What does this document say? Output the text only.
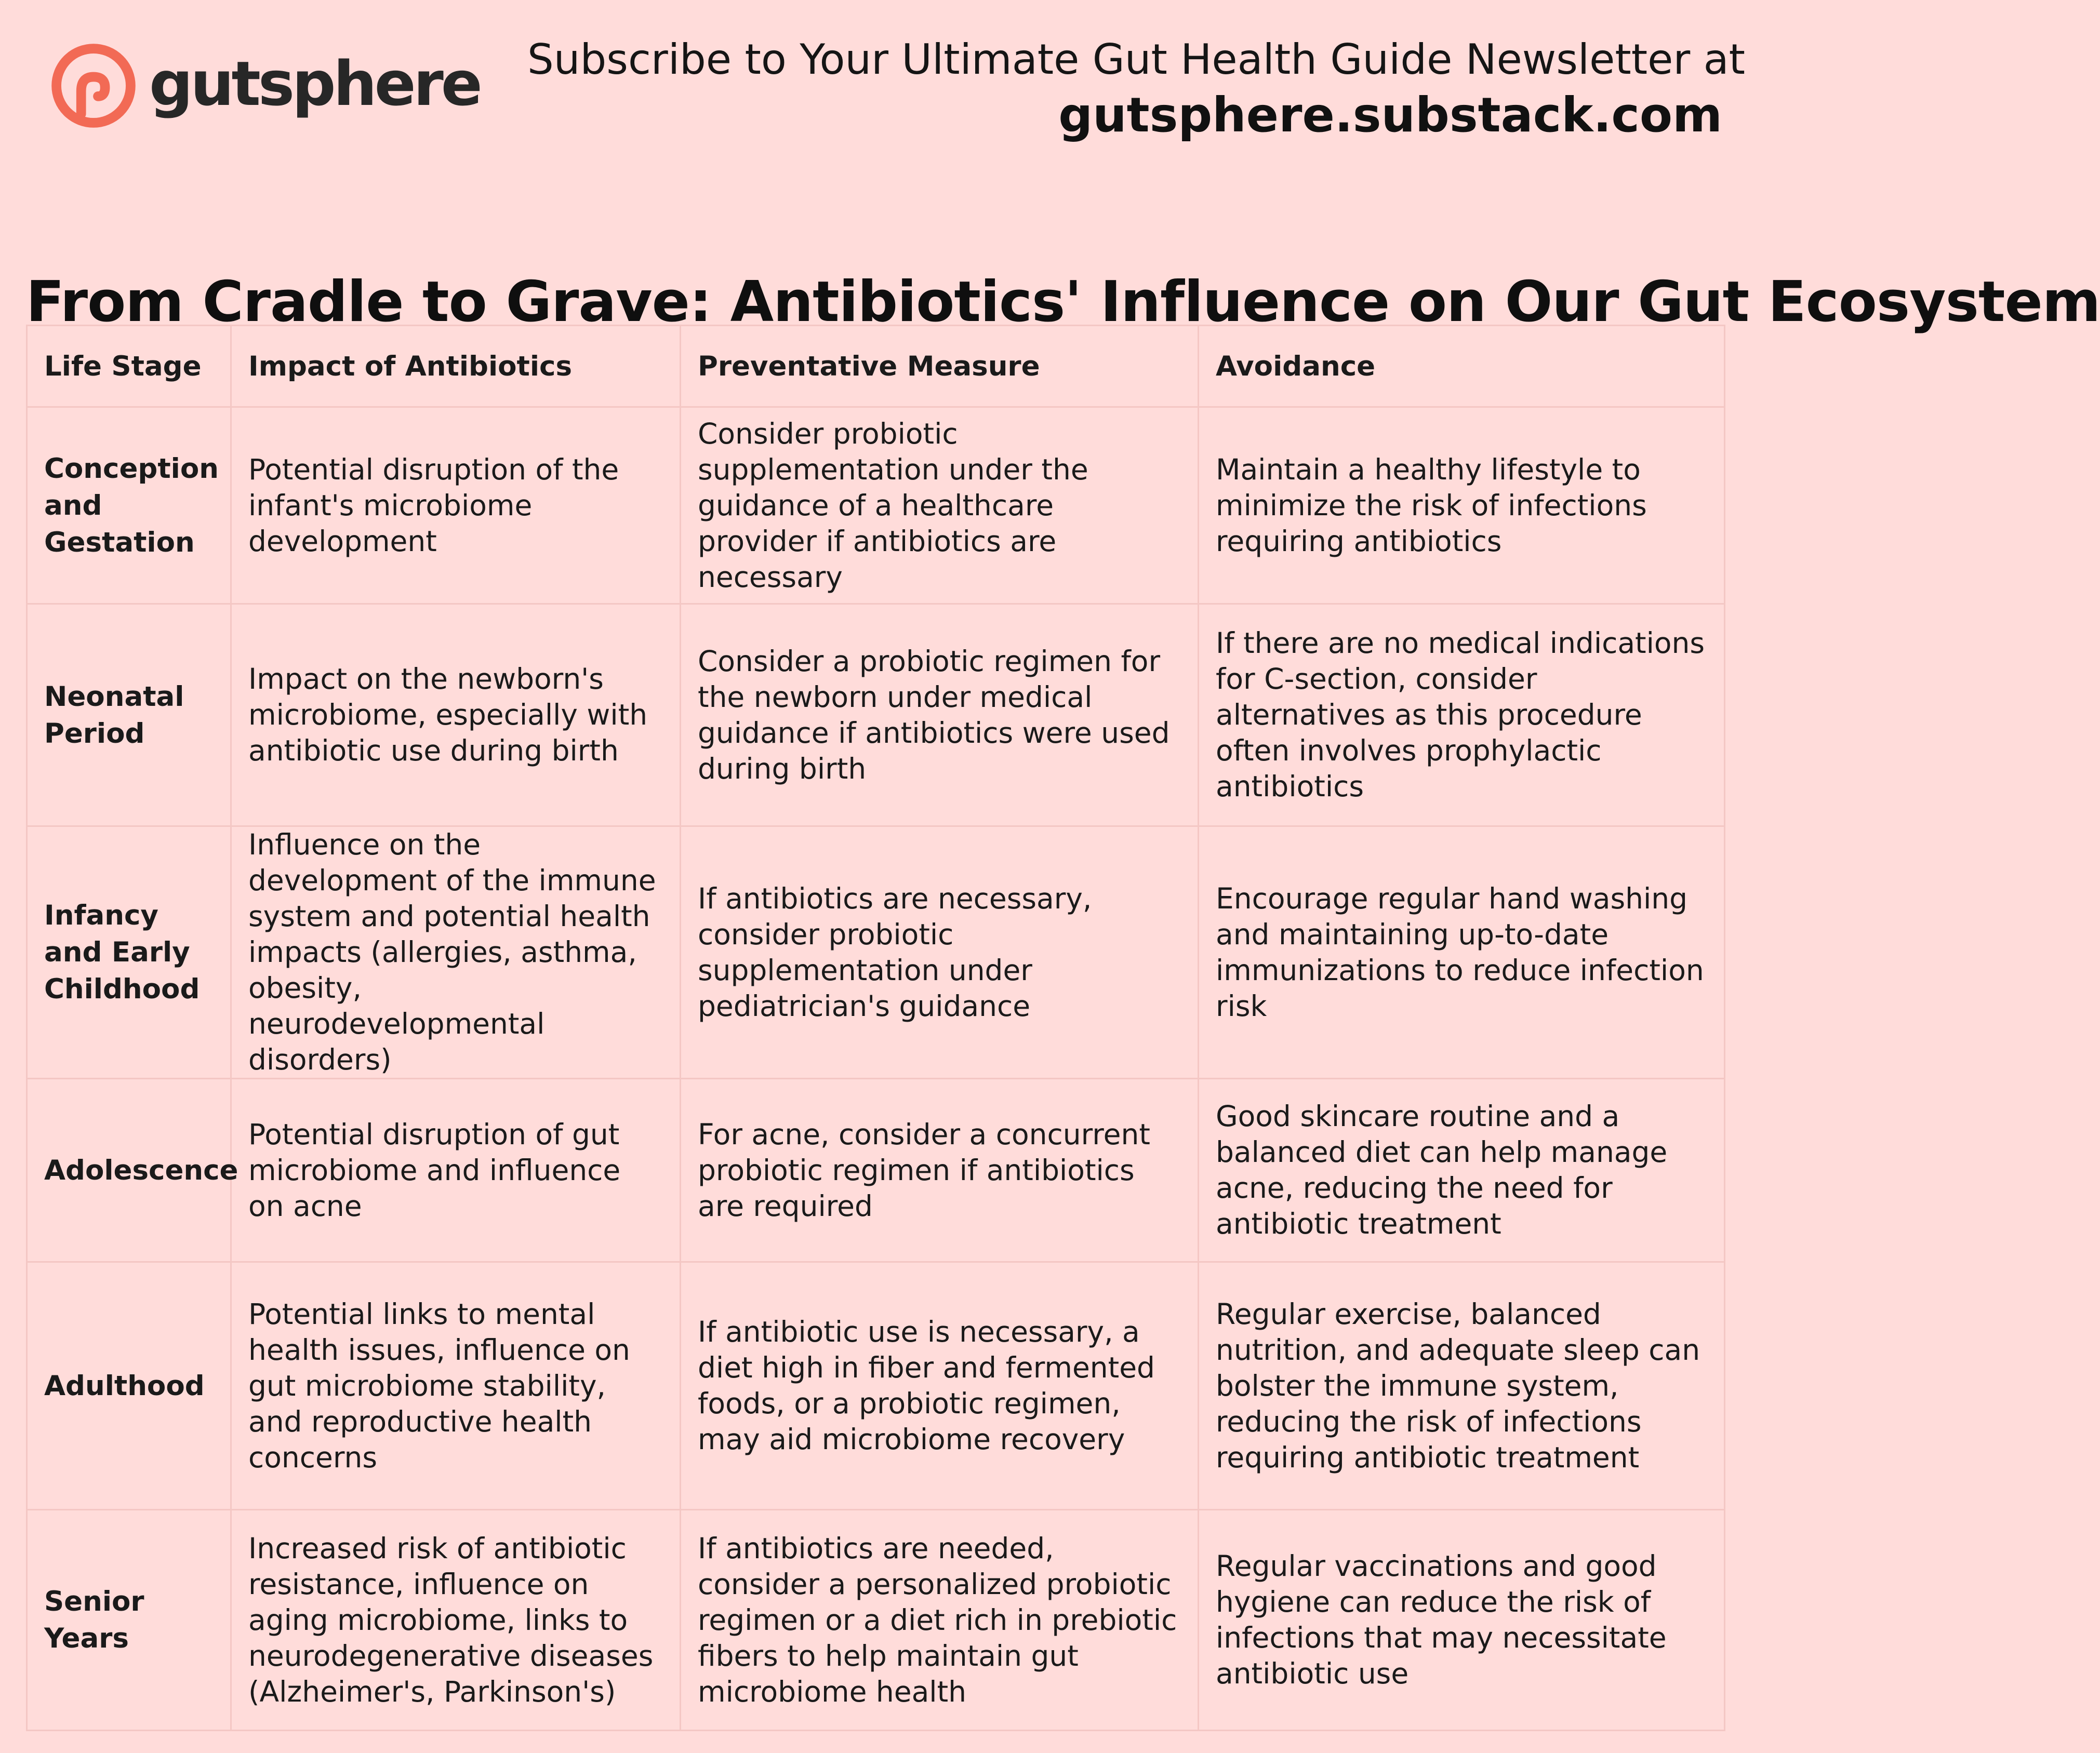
gutsphere Subscribe to Your Ultimate Gut Health Guide Newsletter at
gutsphere.substack.com
From Cradle to Grave: Antibiotics' Influence on Our Gut Ecosystem
Life Stage	Impact of Antibiotics	Preventative Measure	Avoidance
Conception and Gestation	Potential disruption of the infant's microbiome development	Consider probiotic supplementation under the guidance of a healthcare provider if antibiotics are necessary	Maintain a healthy lifestyle to minimize the risk of infections requiring antibiotics
Neonatal Period	Impact on the newborn's microbiome, especially with antibiotic use during birth	Consider a probiotic regimen for the newborn under medical guidance if antibiotics were used during birth	If there are no medical indications for C-section, consider alternatives as this procedure often involves prophylactic antibiotics
Infancy and Early Childhood	Influence on the development of the immune system and potential health impacts (allergies, asthma, obesity, neurodevelopmental disorders)	If antibiotics are necessary, consider probiotic supplementation under pediatrician's guidance	Encourage regular hand washing and maintaining up-to-date immunizations to reduce infection risk
Adolescence	Potential disruption of gut microbiome and influence on acne	For acne, consider a concurrent probiotic regimen if antibiotics are required	Good skincare routine and a balanced diet can help manage acne, reducing the need for antibiotic treatment
Adulthood	Potential links to mental health issues, influence on gut microbiome stability, and reproductive health concerns	If antibiotic use is necessary, a diet high in fiber and fermented foods, or a probiotic regimen, may aid microbiome recovery	Regular exercise, balanced nutrition, and adequate sleep can bolster the immune system, reducing the risk of infections requiring antibiotic treatment
Senior Years	Increased risk of antibiotic resistance, influence on aging microbiome, links to neurodegenerative diseases (Alzheimer's, Parkinson's)	If antibiotics are needed, consider a personalized probiotic regimen or a diet rich in prebiotic fibers to help maintain gut microbiome health	Regular vaccinations and good hygiene can reduce the risk of infections that may necessitate antibiotic use
